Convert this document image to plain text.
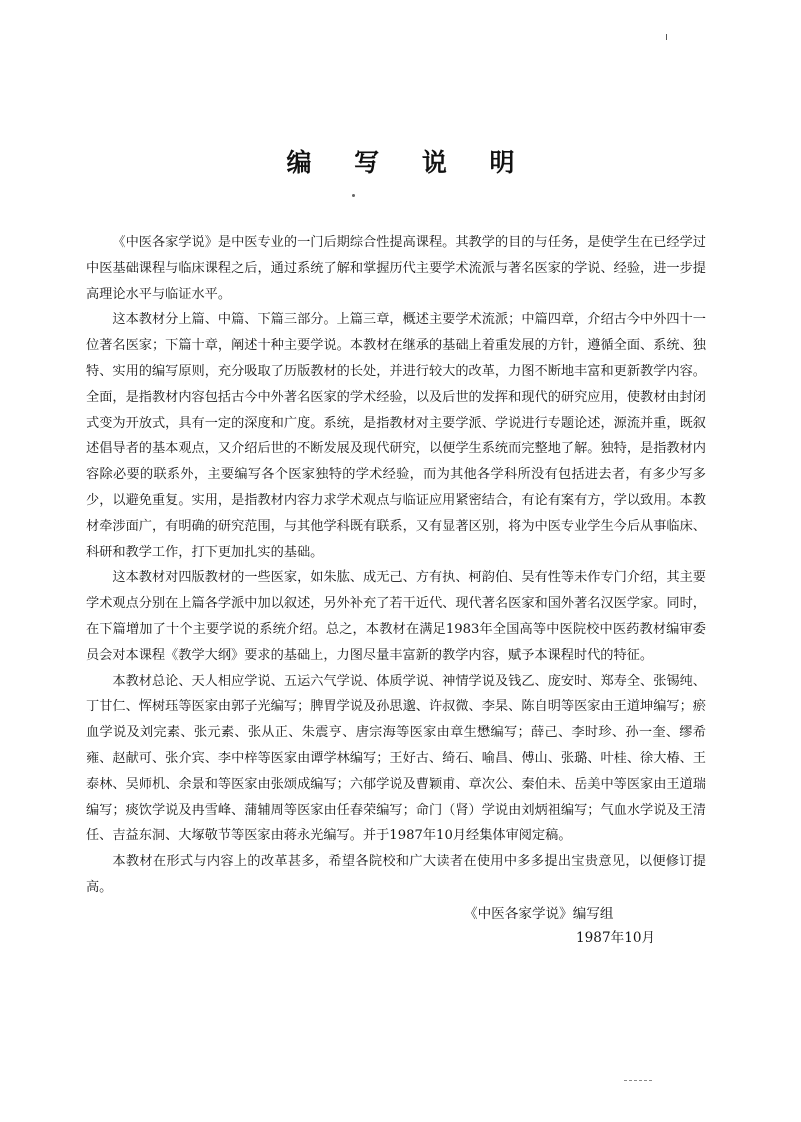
编 写 说 明

《中医各家学说》是中医专业的一门后期综合性提高课程。其教学的目的与任务，是使学生在已经学过中医基础课程与临床课程之后，通过系统了解和掌握历代主要学术流派与著名医家的学说、经验，进一步提高理论水平与临证水平。

这本教材分上篇、中篇、下篇三部分。上篇三章，概述主要学术流派；中篇四章，介绍古今中外四十一位著名医家；下篇十章，阐述十种主要学说。本教材在继承的基础上着重发展的方针，遵循全面、系统、独特、实用的编写原则，充分吸取了历版教材的长处，并进行较大的改革，力图不断地丰富和更新教学内容。全面，是指教材内容包括古今中外著名医家的学术经验，以及后世的发挥和现代的研究应用，使教材由封闭式变为开放式，具有一定的深度和广度。系统，是指教材对主要学派、学说进行专题论述，源流并重，既叙述倡导者的基本观点，又介绍后世的不断发展及现代研究，以便学生系统而完整地了解。独特，是指教材内容除必要的联系外，主要编写各个医家独特的学术经验，而为其他各学科所没有包括进去者，有多少写多少，以避免重复。实用，是指教材内容力求学术观点与临证应用紧密结合，有论有案有方，学以致用。本教材牵涉面广，有明确的研究范围，与其他学科既有联系，又有显著区别，将为中医专业学生今后从事临床、科研和教学工作，打下更加扎实的基础。

这本教材对四版教材的一些医家，如朱肱、成无己、方有执、柯韵伯、吴有性等未作专门介绍，其主要学术观点分别在上篇各学派中加以叙述，另外补充了若干近代、现代著名医家和国外著名汉医学家。同时，在下篇增加了十个主要学说的系统介绍。总之，本教材在满足1983年全国高等中医院校中医药教材编审委员会对本课程《教学大纲》要求的基础上，力图尽量丰富新的教学内容，赋予本课程时代的特征。

本教材总论、天人相应学说、五运六气学说、体质学说、神情学说及钱乙、庞安时、郑寿全、张锡纯、丁甘仁、恽树珏等医家由郭子光编写；脾胃学说及孙思邈、许叔微、李杲、陈自明等医家由王道坤编写；瘀血学说及刘完素、张元素、张从正、朱震亨、唐宗海等医家由章生懋编写；薛己、李时珍、孙一奎、缪希雍、赵献可、张介宾、李中梓等医家由谭学林编写；王好古、绮石、喻昌、傅山、张璐、叶桂、徐大椿、王泰林、吴师机、余景和等医家由张颂成编写；六郁学说及曹颖甫、章次公、秦伯未、岳美中等医家由王道瑞编写；痰饮学说及冉雪峰、蒲辅周等医家由任春荣编写；命门（肾）学说由刘炳祖编写；气血水学说及王清任、吉益东洞、大塚敬节等医家由蒋永光编写。并于1987年10月经集体审阅定稿。

本教材在形式与内容上的改革甚多，希望各院校和广大读者在使用中多多提出宝贵意见，以便修订提高。

《中医各家学说》编写组
1987年10月
